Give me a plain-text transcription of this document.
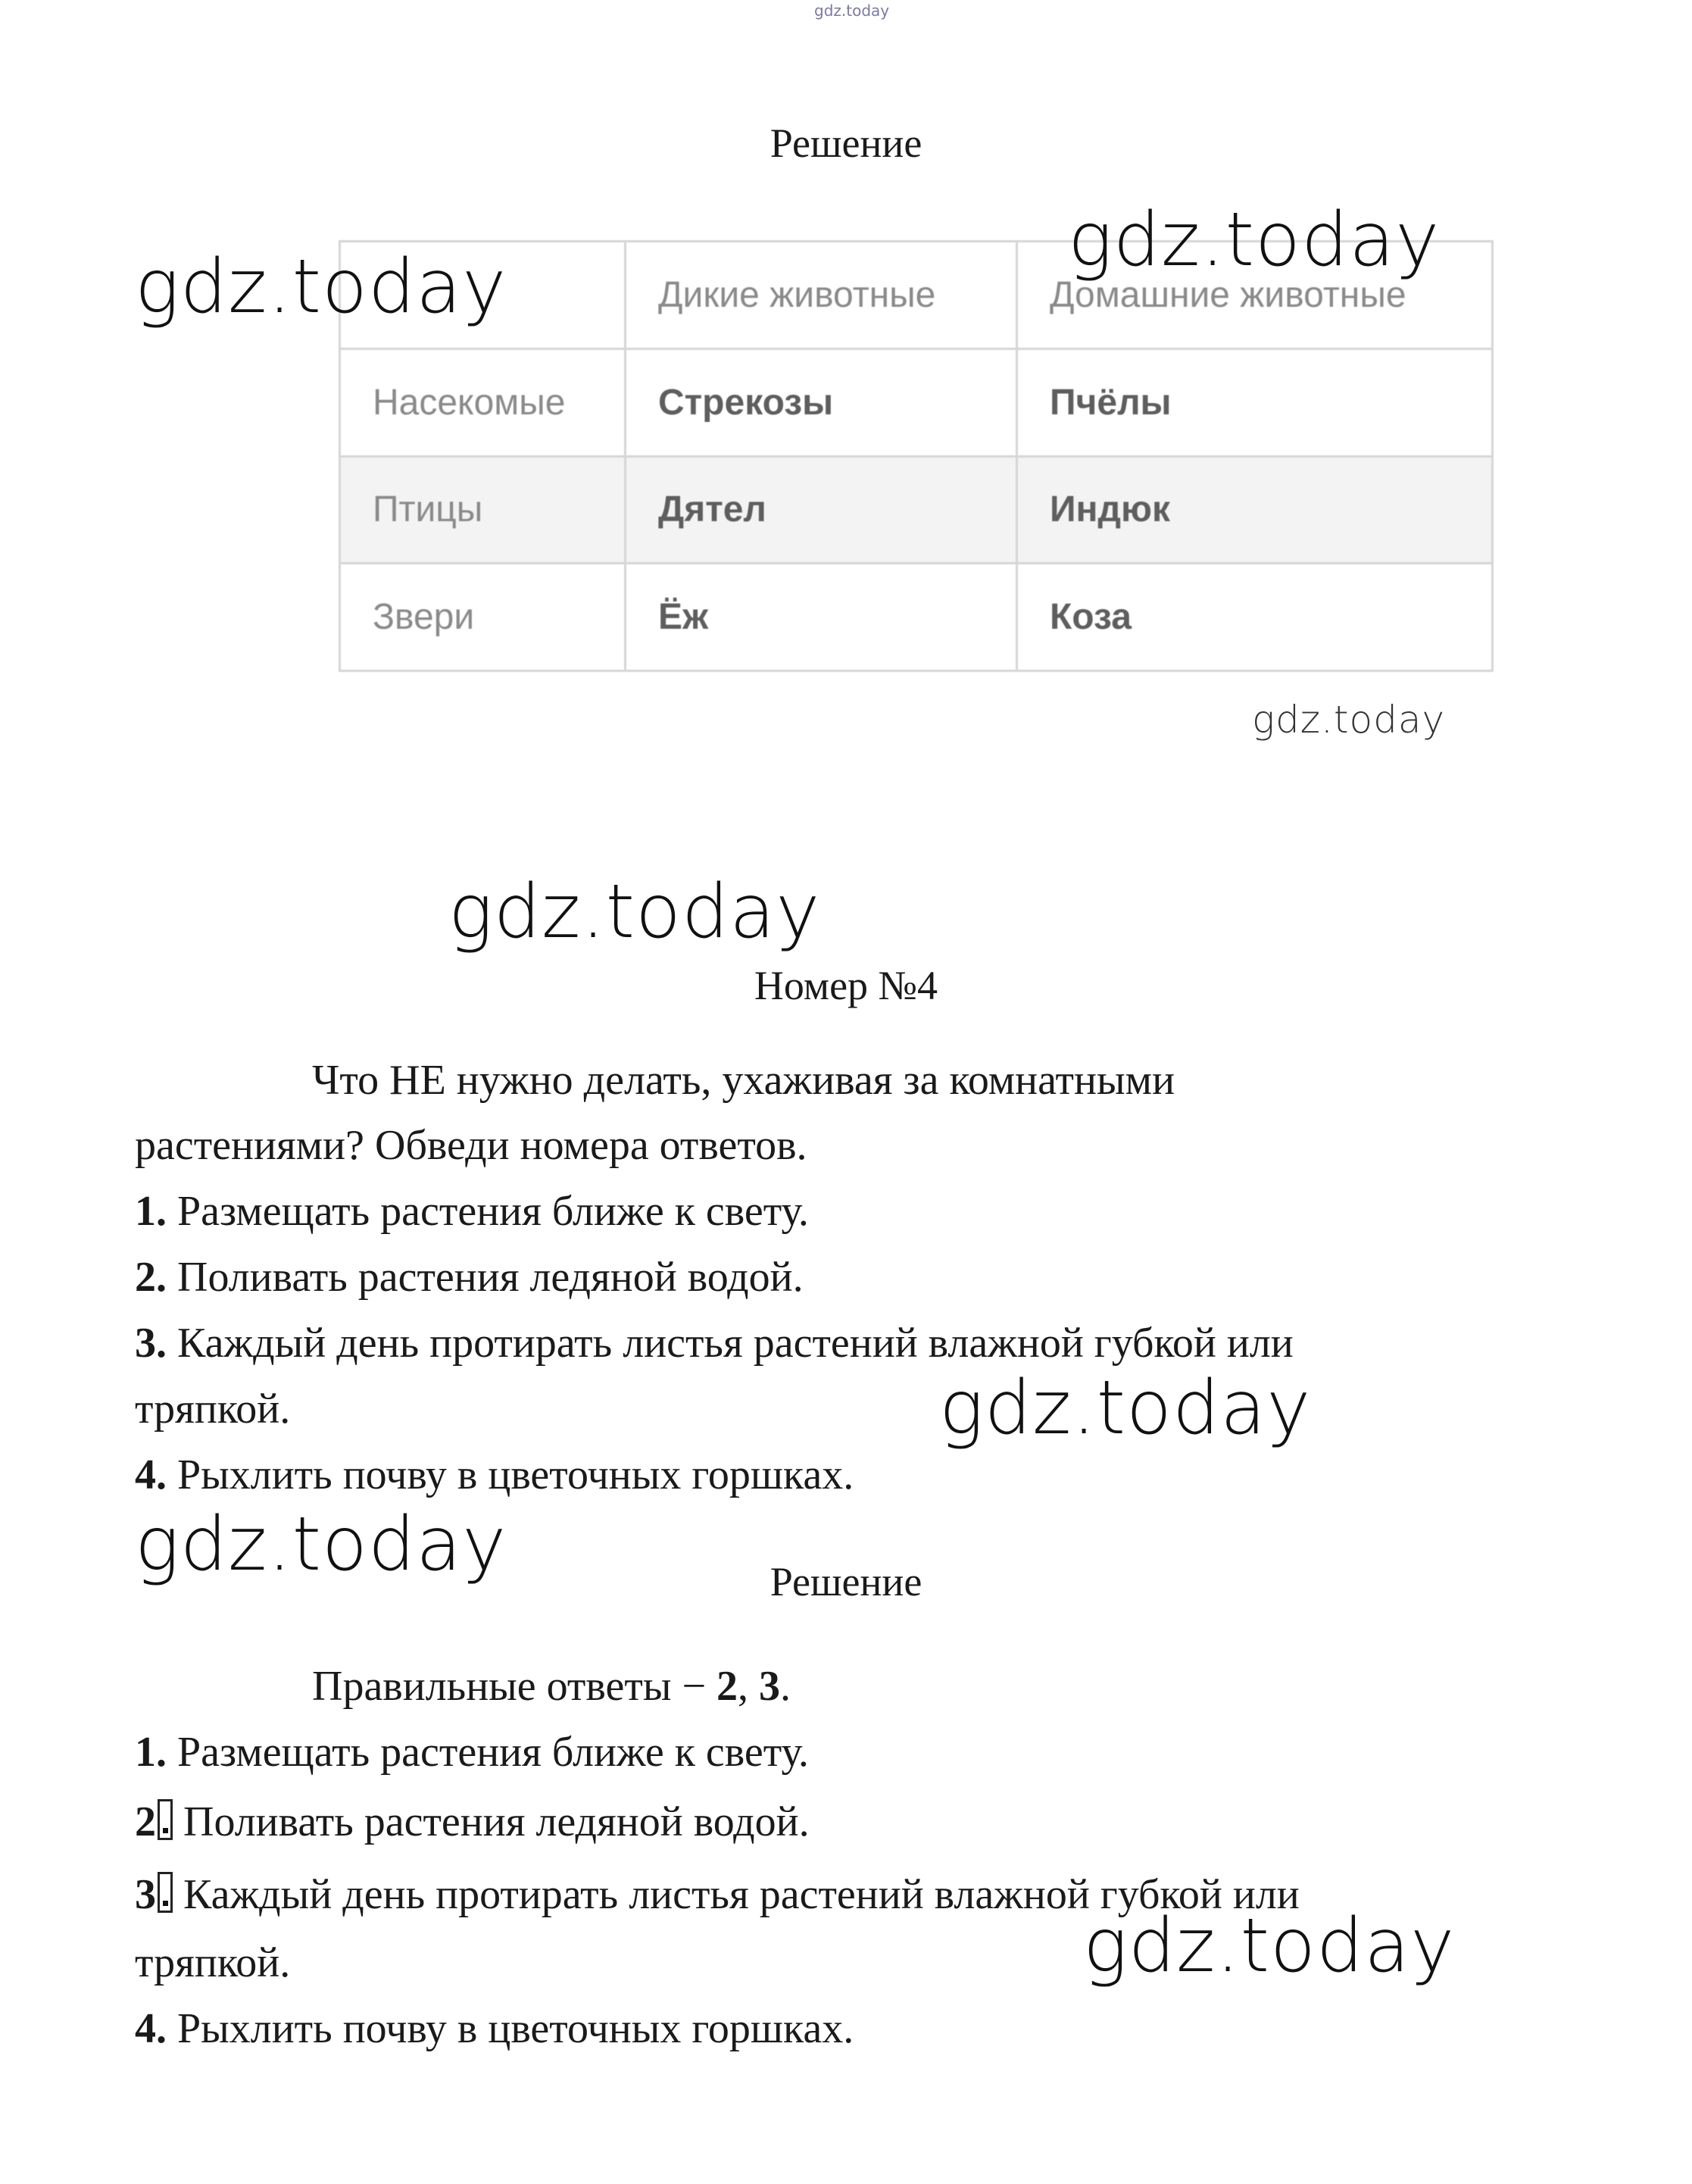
gdz.today
Решение
	Дикие животные	Домашние животные
Насекомые	Стрекозы	Пчёлы
Птицы	Дятел	Индюк
Звери	Ёж	Коза
Номер №4
Что НЕ нужно делать, ухаживая за комнатными
растениями? Обведи номера ответов.
1. Размещать растения ближе к свету.
2. Поливать растения ледяной водой.
3. Каждый день протирать листья растений влажной губкой или
тряпкой.
4. Рыхлить почву в цветочных горшках.
Решение
Правильные ответы − 2, 3.
1. Размещать растения ближе к свету.
2 Поливать растения ледяной водой.
3 Каждый день протирать листья растений влажной губкой или
тряпкой.
4. Рыхлить почву в цветочных горшках.
gdz.today
gdz.today
gdz.today
gdz.today
gdz.today
gdz.today
gdz.today
